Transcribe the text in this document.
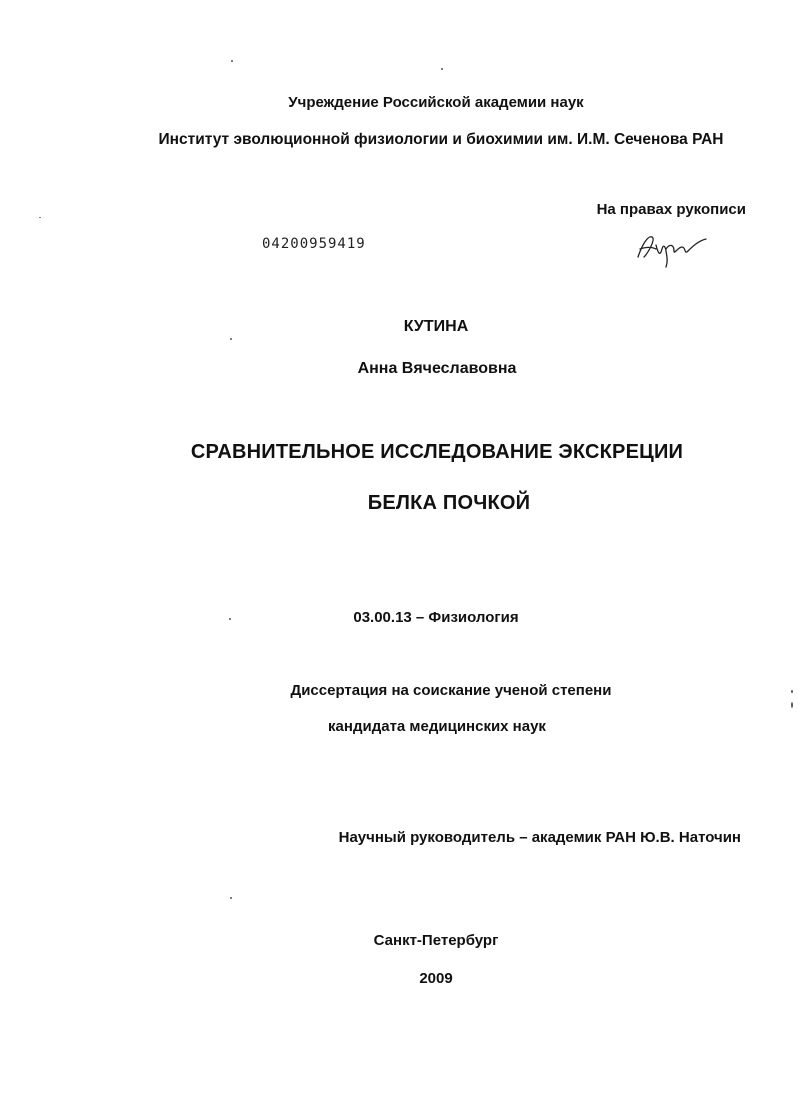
Учреждение Российской академии наук
Институт эволюционной физиологии и биохимии им. И.М. Сеченова РАН
На правах рукописи
04200959419
КУТИНА
Анна Вячеславовна
СРАВНИТЕЛЬНОЕ ИССЛЕДОВАНИЕ ЭКСКРЕЦИИ
БЕЛКА ПОЧКОЙ
03.00.13 – Физиология
Диссертация на соискание ученой степени
кандидата медицинских наук
Научный руководитель – академик РАН Ю.В. Наточин
Санкт-Петербург
2009
